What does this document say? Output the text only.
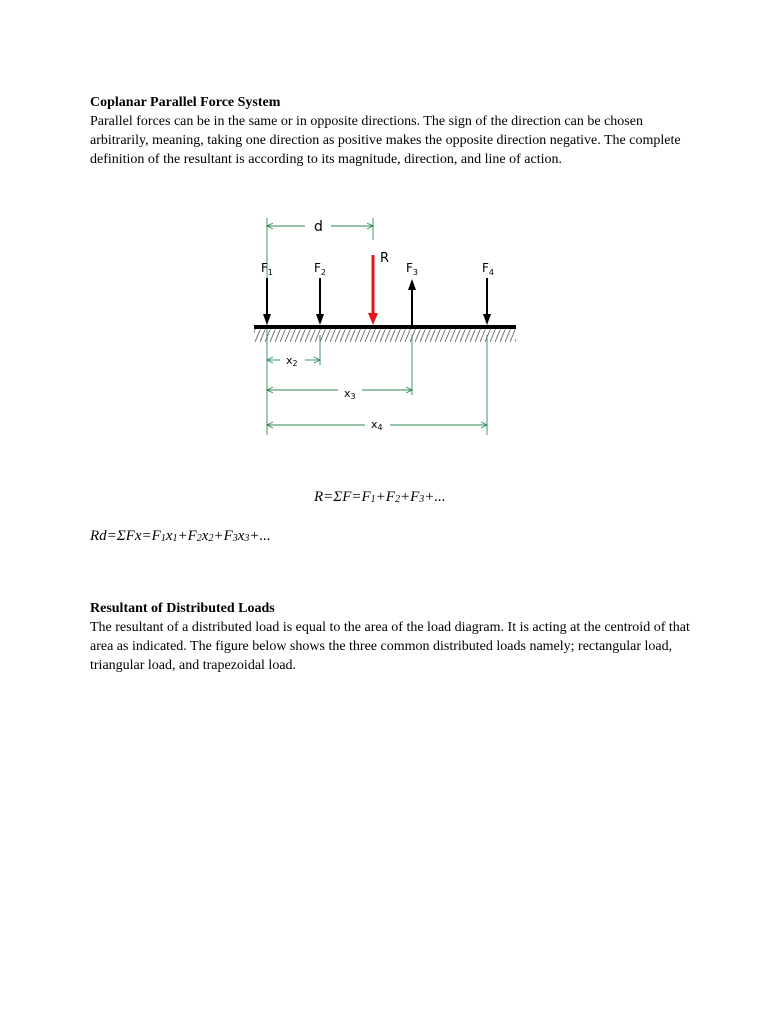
Coplanar Parallel Force System

Parallel forces can be in the same or in opposite directions. The sign of the direction can be chosen arbitrarily, meaning, taking one direction as positive makes the opposite direction negative. The complete definition of the resultant is according to its magnitude, direction, and line of action.

d
R
$F_1$	$F_2$	$F_3$	$F_4$
x2
x3
x4
$R=\Sigma F=F_1+F_2+F_3+$...
$Rd=\Sigma Fx=F_1x_1+F_2x_2+F_3x_3+$...
Resultant of Distributed Loads

The resultant of a distributed load is equal to the area of the load diagram. It is acting at the centroid of that area as indicated. The figure below shows the three common distributed loads namely; rectangular load, triangular load, and trapezoidal load.
